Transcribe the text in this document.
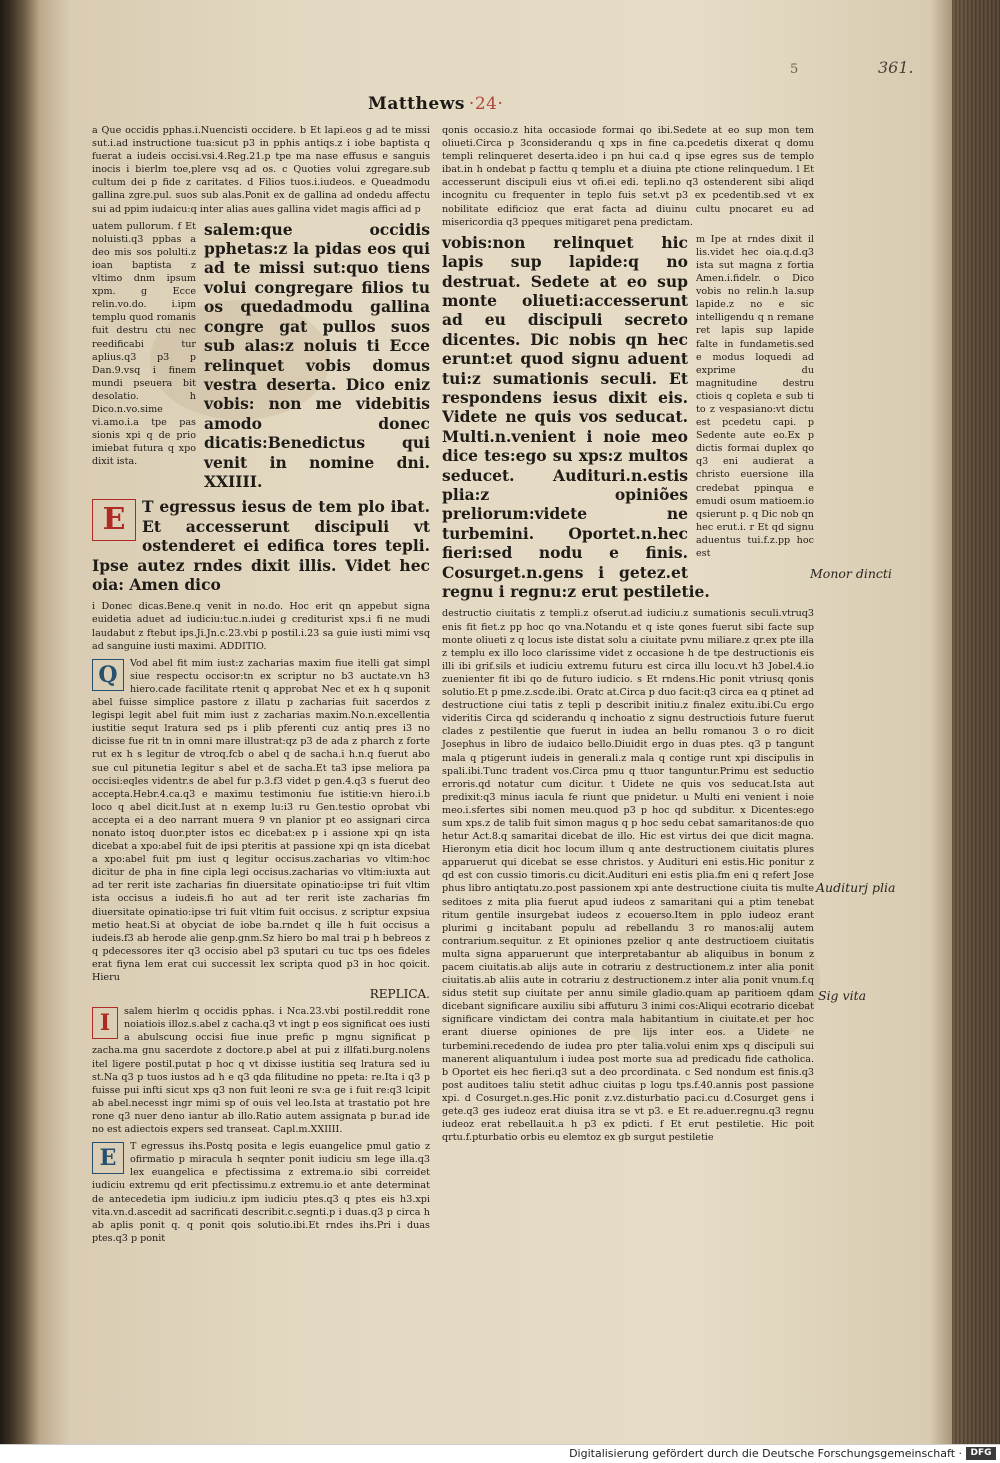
5	361.
Matthews ·24·

a Que occidis pphas.i.Nuencisti occidere. b Et lapi.eos g ad te missi sut.i.ad instructione tua:sicut p3 in pphis antiqs.z i iobe baptista q fuerat a iudeis occisi.vsi.4.Reg.21.p tpe ma nase effusus e sanguis inocis i bierlm toe,plere vsq ad os. c Quoties volui zgregare.sub cultum dei p fide z caritates. d Filios tuos.i.iudeos. e Queadmodu gallina zgre.pul. suos sub alas.Ponit ex de gallina ad ondedu affectu sui ad ppim iudaicu:q inter alias aues gallina videt magis affici ad p

uatem pullorum. f Et noluisti.q3 ppbas a deo mis sos polulti.z ioan baptista z vltimo dnm ipsum xpm. g Ecce relin.vo.do. i.ipm templu quod romanis fuit destru ctu nec reedificabi tur aplius.q3 p3 p Dan.9.vsq i finem mundi pseuera bit desolatio. h Dico.n.vo.sime vi.amo.i.a tpe pas sionis xpi q de prio imiebat futura q xpo dixit ista.

salem:que occidis pphetas:z la pidas eos qui ad te missi sut:quo tiens volui congregare filios tu os quedadmodu gallina congre gat pullos suos sub alas:z noluis ti Ecce relinquet vobis domus vestra deserta. Dico eniz vobis: non me videbitis amodo donec dicatis:Benedictus qui venit in nomine dni. XXIIII.

E	T egressus iesus de tem plo ibat. Et accesserunt discipuli vt ostenderet ei edifica tores tepli. Ipse autez rndes dixit illis. Videt hec oia: Amen dico

i Donec dicas.Bene.q venit in no.do. Hoc erit qn appebut signa euidetia aduet ad iudiciu:tuc.n.iudei g crediturist xps.i fi ne mudi laudabut z ftebut ips.Ji.Jn.c.23.vbi p postil.i.23 sa guie iusti mimi vsq ad sanguine iusti maximi. ADDITIO.

Q	Vod abel fit mim iust:z zacharias maxim fiue itelli gat simpl siue respectu occisor:tn ex scriptur no b3 auctate.vn h3 hiero.cade facilitate rtenit q approbat Nec et ex h q suponit abel fuisse simplice pastore z illatu p zacharias fuit sacerdos z legispi legit abel fuit mim iust z zacharias maxim.No.n.excellentia iustitie sequt lratura sed ps i plib pferenti cuz antiq pres i3 no dicisse fue rit tn in omni mare illustrat:qz p3 de ada z pharch z forte rut ex h s legitur de vtroq.fcb o abel q de sacha.i h.n.q fuerut abo sue cul pitunetia legitur s abel et de sacha.Et ta3 ipse meliora pa occisi:eqles videntr.s de abel fur p.3.f3 videt p gen.4.q3 s fuerut deo accepta.Hebr.4.ca.q3 e maximu testimoniu fue istitie:vn hiero.i.b loco q abel dicit.Iust at n exemp lu:i3 ru Gen.testio oprobat vbi accepta ei a deo narrant muera 9 vn planior pt eo assignari circa nonato istoq duor.pter istos ec dicebat:ex p i assione xpi qn ista dicebat a xpo:abel fuit de ipsi pteritis at passione xpi qn ista dicebat a xpo:abel fuit pm iust q legitur occisus.zacharias vo vltim:hoc dicitur de pha in fine cipla legi occisus.zacharias vo vltim:iuxta aut ad ter rerit iste zacharias fin diuersitate opinatio:ipse tri fuit vltim ista occisus a iudeis.fi ho aut ad ter rerit iste zacharias fm diuersitate opinatio:ipse tri fuit vltim fuit occisus. z scriptur expsiua metio heat.Si at obyciat de iobe ba.rndet q ille h fuit occisus a iudeis.f3 ab herode alie genp.gnm.Sz hiero bo mal trai p h bebreos z q pdecessores iter q3 occisio abel p3 sputari cu tuc tps oes fideles erat fiyna lem erat cui successit lex scripta quod p3 in hoc qoicit. Hieru

REPLICA.

I	salem hierlm q occidis pphas. i Nca.23.vbi postil.reddit rone noiatiois illoz.s.abel z cacha.q3 vt ingt p eos significat oes iusti a abulscung occisi fiue inue prefic p mgnu significat p zacha.ma gnu sacerdote z doctore.p abel at pui z illfati.burg.nolens itel ligere postil.putat p hoc q vt dixisse iustitia seq lratura sed iu st.Na q3 p tuos iustos ad h e q3 qda filitudine no ppeta: re.Ita i q3 p fuisse pui infti sicut xps q3 non fuit leoni re sv:a ge i fuit re:q3 lcipit ab abel.necesst ingr mimi sp of ouis vel leo.Ista at trastatio pot hre rone q3 nuer deno iantur ab illo.Ratio autem assignata p bur.ad ide no est adiectois expers sed transeat. Capl.m.XXIIII.

E	T egressus ihs.Postq posita e legis euangelice pmul gatio z ofirmatio p miracula h seqnter ponit iudiciu sm lege illa.q3 lex euangelica e pfectissima z extrema.io sibi correidet iudiciu extremu qd erit pfectissimu.z extremu.io et ante determinat de antecedetia ipm iudiciu.z ipm iudiciu ptes.q3 q ptes eis h3.xpi vita.vn.d.ascedit ad sacrificati describit.c.segnti.p i duas.q3 p circa h ab aplis ponit q. q ponit qois solutio.ibi.Et rndes ihs.Pri i duas ptes.q3 p ponit

qonis occasio.z hita occasiode formai qo ibi.Sedete at eo sup mon tem oliueti.Circa p 3considerandu q xps in fine ca.pcedetis dixerat q domu templi relinqueret deserta.ideo i pn hui ca.d q ipse egres sus de templo ibat.in h ondebat p facttu q templu et a diuina pte ctione relinquedum. l Et accesserunt discipuli eius vt ofi.ei edi. tepli.no q3 ostenderent sibi aliqd incognitu cu frequenter in teplo fuis set.vt p3 ex pcedentib.sed vt ex nobilitate edificioz que erat facta ad diuinu cultu pnocaret eu ad misericordia q3 ppeques mitigaret pena predictam.

m Ipe at rndes dixit il lis.videt hec oia.q.d.q3 ista sut magna z fortia Amen.i.fidelr. o Dico vobis no relin.h la.sup lapide.z no e sic intelligendu q n remane ret lapis sup lapide falte in fundametis.sed e modus loquedi ad exprime du magnitudine destru ctiois q copleta e sub ti to z vespasiano:vt dictu est pcedetu capi. p Sedente aute eo.Ex p dictis formai duplex qo q3 eni audierat a christo euersione illa credebat ppinqua e emudi osum matioem.io qsierunt p. q Dic nob qn hec erut.i. r Et qd signu aduentus tui.f.z.pp hoc est

vobis:non relinquet hic lapis sup lapide:q no destruat. Sedete at eo sup monte oliueti:accesserunt ad eu discipuli secreto dicentes. Dic nobis qn hec erunt:et quod signu aduent tui:z sumationis seculi. Et respondens iesus dixit eis. Videte ne quis vos seducat. Multi.n.venient i noie meo dice tes:ego su xps:z multos seducet. Audituri.n.estis plia:z opiniões preliorum:videte ne turbemini. Oportet.n.hec fieri:sed nodu e finis. Cosurget.n.gens i getez.et regnu i regnu:z erut pestiletie.

destructio ciuitatis z templi.z ofserut.ad iudiciu.z sumationis seculi.vtruq3 enis fit fiet.z pp hoc qo vna.Notandu et q iste qones fuerut sibi facte sup monte oliueti z q locus iste distat solu a ciuitate pvnu miliare.z qr.ex pte illa z templu ex illo loco clarissime videt z occasione h de tpe destructionis eis illi ibi grif.sils et iudiciu extremu futuru est circa illu locu.vt h3 Jobel.4.io zuenienter fit ibi qo de futuro iudicio. s Et rndens.Hic ponit vtriusq qonis solutio.Et p pme.z.scde.ibi. Oratc at.Circa p duo facit:q3 circa ea q ptinet ad destructione ciui tatis z tepli p describit initiu.z finalez exitu.ibi.Cu ergo videritis Circa qd sciderandu q inchoatio z signu destructiois future fuerut clades z pestilentie que fuerut in iudea an bellu romanou 3 o ro dicit Josephus in libro de iudaico bello.Diuidit ergo in duas ptes. q3 p tangunt mala q ptigerunt iudeis in generali.z mala q contige runt xpi discipulis in spali.ibi.Tunc tradent vos.Circa pmu q ttuor tanguntur.Primu est seductio erroris.qd notatur cum dicitur. t Uidete ne quis vos seducat.Ista aut predixit:q3 minus iacula fe riunt que pnidetur. u Multi eni venient i noie meo.i.sfertes sibi nomen meu.quod p3 p hoc qd subditur. x Dicentes:ego sum xps.z de talib fuit simon magus q p hoc sedu cebat samaritanos:de quo hetur Act.8.q samaritai dicebat de illo. Hic est virtus dei que dicit magna. Hieronym etia dicit hoc locum illum q ante destructionem ciuitatis plures apparuerut qui dicebat se esse christos. y Audituri eni estis.Hic ponitur z qd est con cussio timoris.cu dicit.Audituri eni estis plia.fm eni q refert Jose phus libro antiqtatu.zo.post passionem xpi ante destructione ciuita tis multe seditoes z mita plia fuerut apud iudeos z samaritani qui a ptim tenebat ritum gentile insurgebat iudeos z ecouerso.Item in pplo iudeoz erant plurimi g incitabant populu ad rebellandu 3 ro manos:alij autem contrarium.sequitur. z Et opiniones pzelior q ante destructioem ciuitatis multa signa apparuerunt que interpretabantur ab aliquibus in bonum z pacem ciuitatis.ab alijs aute in cotrariu z destructionem.z inter alia ponit ciuitatis.ab aliis aute in cotrariu z destructionem.z inter alia ponit vnum.f.q sidus stetit sup ciuitate per annu simile gladio.quam ap paritioem qdam dicebant significare auxiliu sibi affuturu 3 inimi cos:Aliqui ecotrario dicebat significare vindictam dei contra mala habitantium in ciuitate.et per hoc erant diuerse opiniones de pre lijs inter eos. a Uidete ne turbemini.recedendo de iudea pro pter talia.volui enim xps q discipuli sui manerent aliquantulum i iudea post morte sua ad predicadu fide catholica. b Oportet eis hec fieri.q3 sut a deo prcordinata. c Sed nondum est finis.q3 post auditoes taliu stetit adhuc ciuitas p logu tps.f.40.annis post passione xpi. d Cosurget.n.ges.Hic ponit z.vz.disturbatio paci.cu d.Cosurget gens i gete.q3 ges iudeoz erat diuisa itra se vt p3. e Et re.aduer.regnu.q3 regnu iudeoz erat rebellauit.a h p3 ex pdicti. f Et erut pestiletie. Hic poit qrtu.f.pturbatio orbis eu elemtoz ex gb surgut pestiletie

Monor dincti
Auditurj plia
Sig vita
Digitalisierung gefördert durch die Deutsche Forschungsgemeinschaft · DFG
